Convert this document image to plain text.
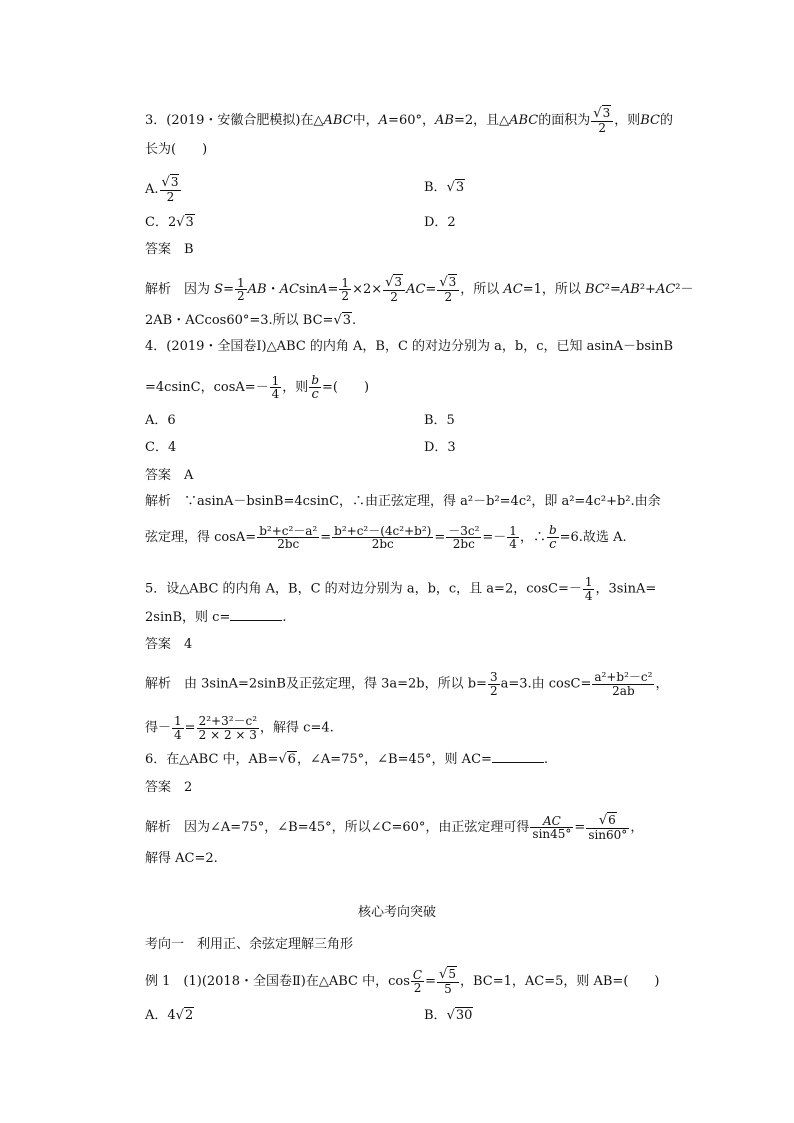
3．(2019・安徽合肥模拟)在△ABC中，A=60°，AB=2，且△ABC的面积为 $\frac{√3}{2}$ ，则BC的
长为(　　)
A. $\frac{√3}{2}$	B．√3
C．2√3	D．2
答案　 B
解析　因为 $S= \frac{1}{2}$ AB・$ACsinA= \frac{1}{2} \times 2\times \frac{√3}{2} AC= \frac{√3}{2}$ ，所以 AC=1，所以 BC²=AB²+AC²－
2AB・ACcos60°=3.所以 BC=√3.
4．(2019・全国卷Ⅰ)△ABC 的内角 A，B，C 的对边分别为 a，b，c，已知 asinA－bsinB
=4csinC，$\cos A=- \frac{1}{4}$ ，则 $\frac{b}{c}=$(　　)
A．6	B．5
C．4	D．3
答案　 A
解析　 ∵asinA－bsinB=4csinC，∴由正弦定理，得 a²－b²=4c²，即 a²=4c²+b².由余
弦定理，得 $\cos A= \frac{\text{b²+c²－a²}}{2bc} = \frac{\text{b²+c²－(4c²+b²)}}{2bc} = \frac{\text{－3c²}}{2bc} =- \frac{1}{4}$ ，∴ $\frac{b}{c}=6$.故选 A.
5．设△ABC 的内角 A，B，C 的对边分别为 a，b，c，且 a=2，$\cos C=- \frac{1}{4}$ ，3sinA=
2sinB，则 c=	.
答案　 4
解析　 由 3sinA=2sinB及正弦定理，得 3a=2b，所以 $b= \frac{3}{2} a=3$.由 $\cos C= \frac{\text{a²+b²－c²}}{2ab}$ ，
得－ $\frac{1}{4} = \frac{\text{2²+3²－c²}}{2 \times 2 \times 3}$ ，解得 c=4.
6．在△ABC 中，AB=√6，∠A=75°，∠B=45°，则 AC=	.
答案　 2
解析　 因为∠A=75°，∠B=45°，所以∠C=60°，由正弦定理可得 $\frac{AC}{\sin 45^\circ} = \frac{√6}{\sin 60^\circ}$ ，
解得 AC=2.
核心考向突破
考向一　利用正、余弦定理解三角形
例 1　(1)(2018・全国卷Ⅱ)在△ABC 中，$\cos \frac{C}{2} = \frac{√5}{5}$ ，BC=1，AC=5，则 AB=(　　)
A．4√2	B．√30
